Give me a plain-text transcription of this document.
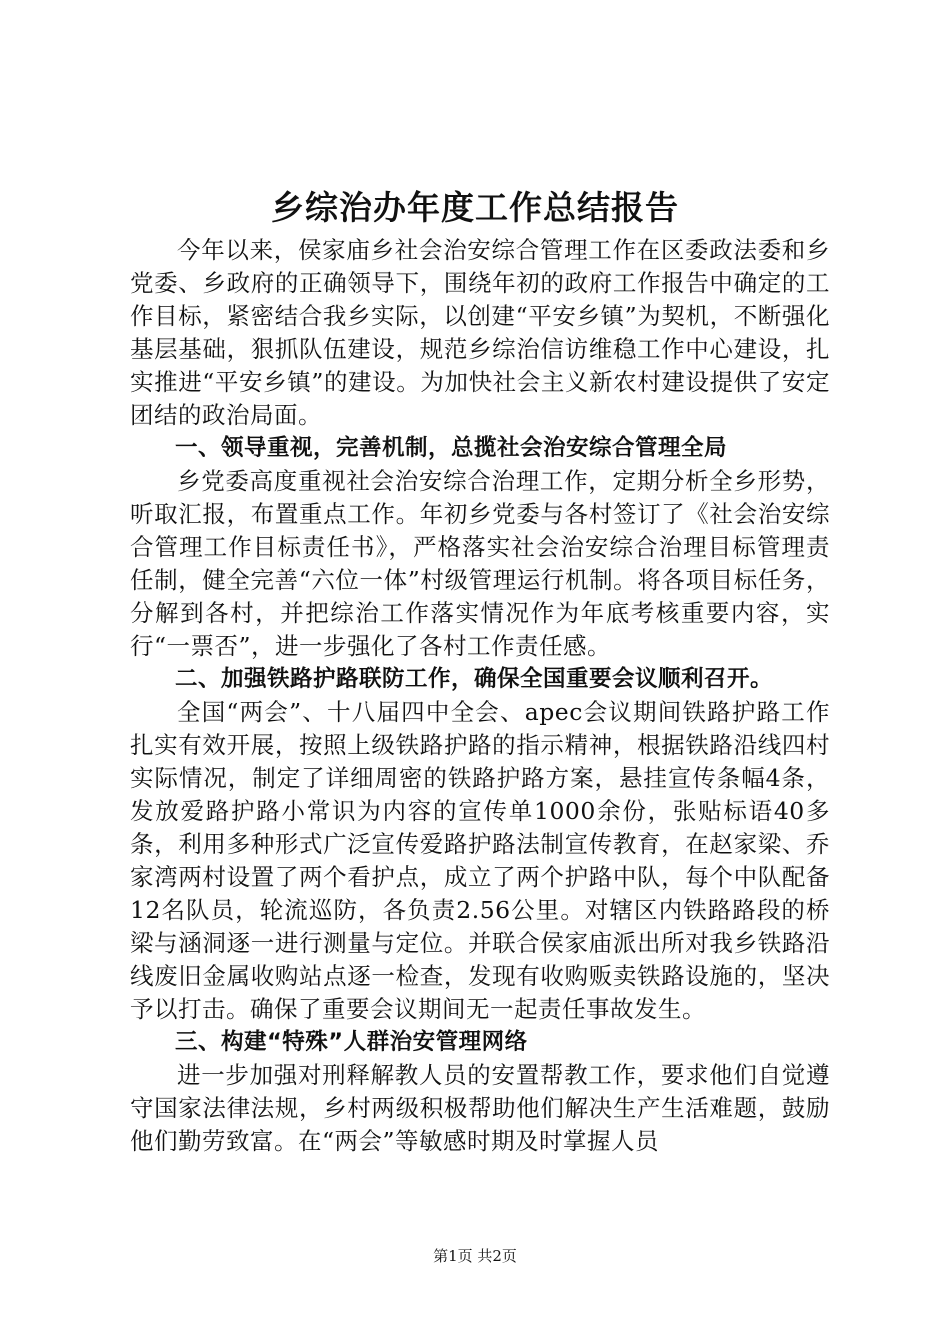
乡综治办年度工作总结报告

今年以来，侯家庙乡社会治安综合管理工作在区委政法委和乡党委、乡政府的正确领导下，围绕年初的政府工作报告中确定的工作目标，紧密结合我乡实际，以创建“平安乡镇”为契机，不断强化基层基础，狠抓队伍建设，规范乡综治信访维稳工作中心建设，扎实推进“平安乡镇”的建设。为加快社会主义新农村建设提供了安定团结的政治局面。

一、领导重视，完善机制，总揽社会治安综合管理全局

乡党委高度重视社会治安综合治理工作，定期分析全乡形势，听取汇报，布置重点工作。年初乡党委与各村签订了《社会治安综合管理工作目标责任书》，严格落实社会治安综合治理目标管理责任制，健全完善“六位一体”村级管理运行机制。将各项目标任务，分解到各村，并把综治工作落实情况作为年底考核重要内容，实行“一票否”，进一步强化了各村工作责任感。

二、加强铁路护路联防工作，确保全国重要会议顺利召开。

全国“两会”、十八届四中全会、apec会议期间铁路护路工作扎实有效开展，按照上级铁路护路的指示精神，根据铁路沿线四村实际情况，制定了详细周密的铁路护路方案，悬挂宣传条幅4条，发放爱路护路小常识为内容的宣传单1000余份，张贴标语40多条，利用多种形式广泛宣传爱路护路法制宣传教育，在赵家梁、乔家湾两村设置了两个看护点，成立了两个护路中队，每个中队配备12名队员，轮流巡防，各负责2.56公里。对辖区内铁路路段的桥梁与涵洞逐一进行测量与定位。并联合侯家庙派出所对我乡铁路沿线废旧金属收购站点逐一检查，发现有收购贩卖铁路设施的，坚决予以打击。确保了重要会议期间无一起责任事故发生。

三、构建“特殊”人群治安管理网络

进一步加强对刑释解教人员的安置帮教工作，要求他们自觉遵守国家法律法规，乡村两级积极帮助他们解决生产生活难题，鼓励他们勤劳致富。在“两会”等敏感时期及时掌握人员

第1页 共2页
